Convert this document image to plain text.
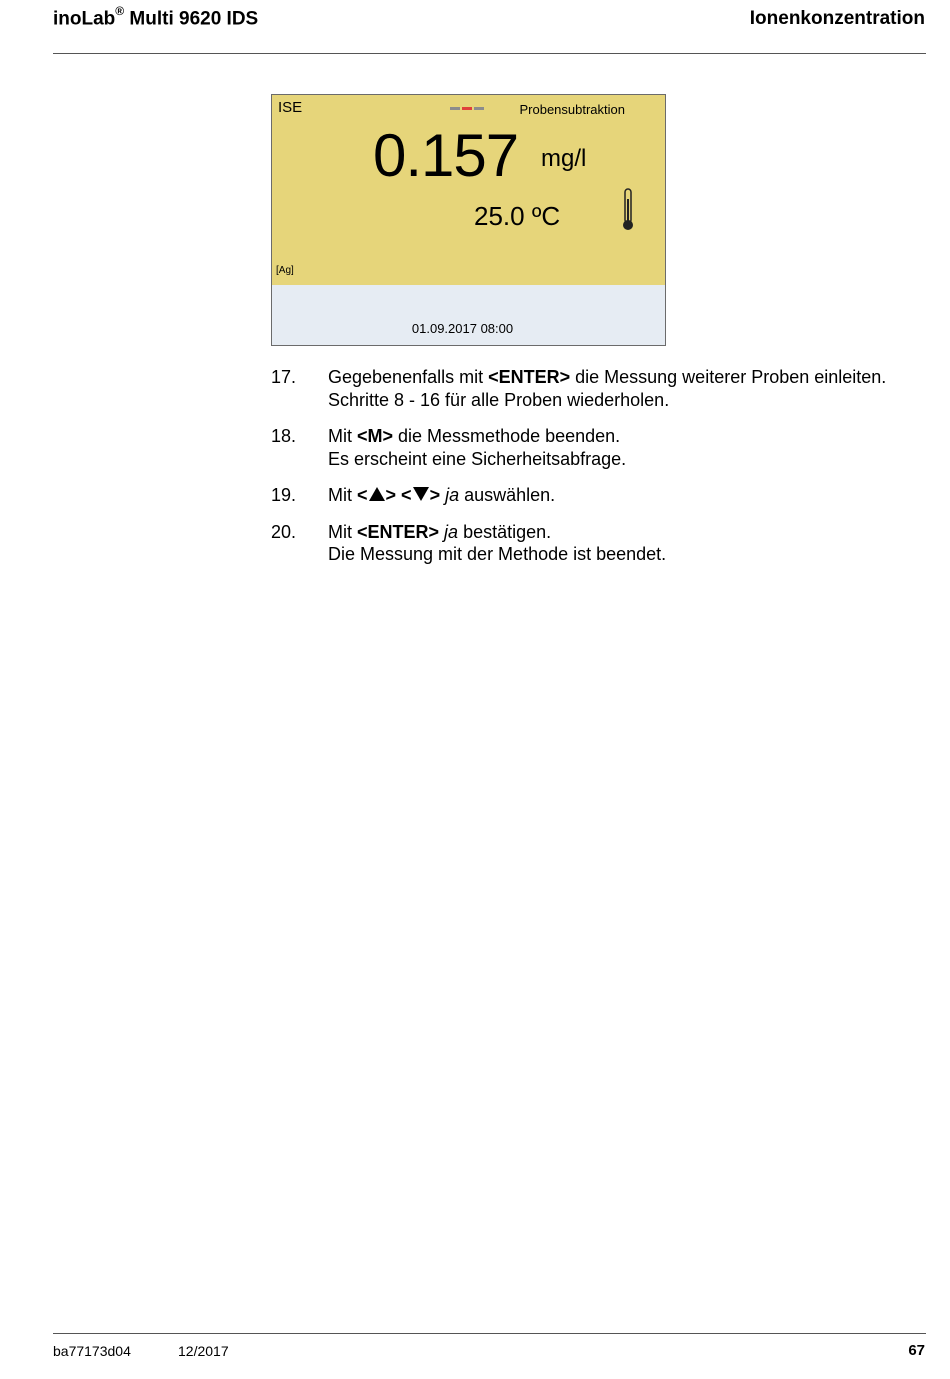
inoLab® Multi 9620 IDS	Ionenkonzentration
ISE	Probensubtraktion
0.157 mg/l
25.0 ºC
[Ag]
01.09.2017 08:00
17. Gegebenenfalls mit <ENTER> die Messung weiterer Proben einleiten.
Schritte 8 - 16 für alle Proben wiederholen.
18. Mit <M> die Messmethode beenden.
Es erscheint eine Sicherheitsabfrage.
19. Mit < > < > ja auswählen.
20. Mit <ENTER> ja bestätigen.
Die Messung mit der Methode ist beendet.
ba77173d04	12/2017	67
